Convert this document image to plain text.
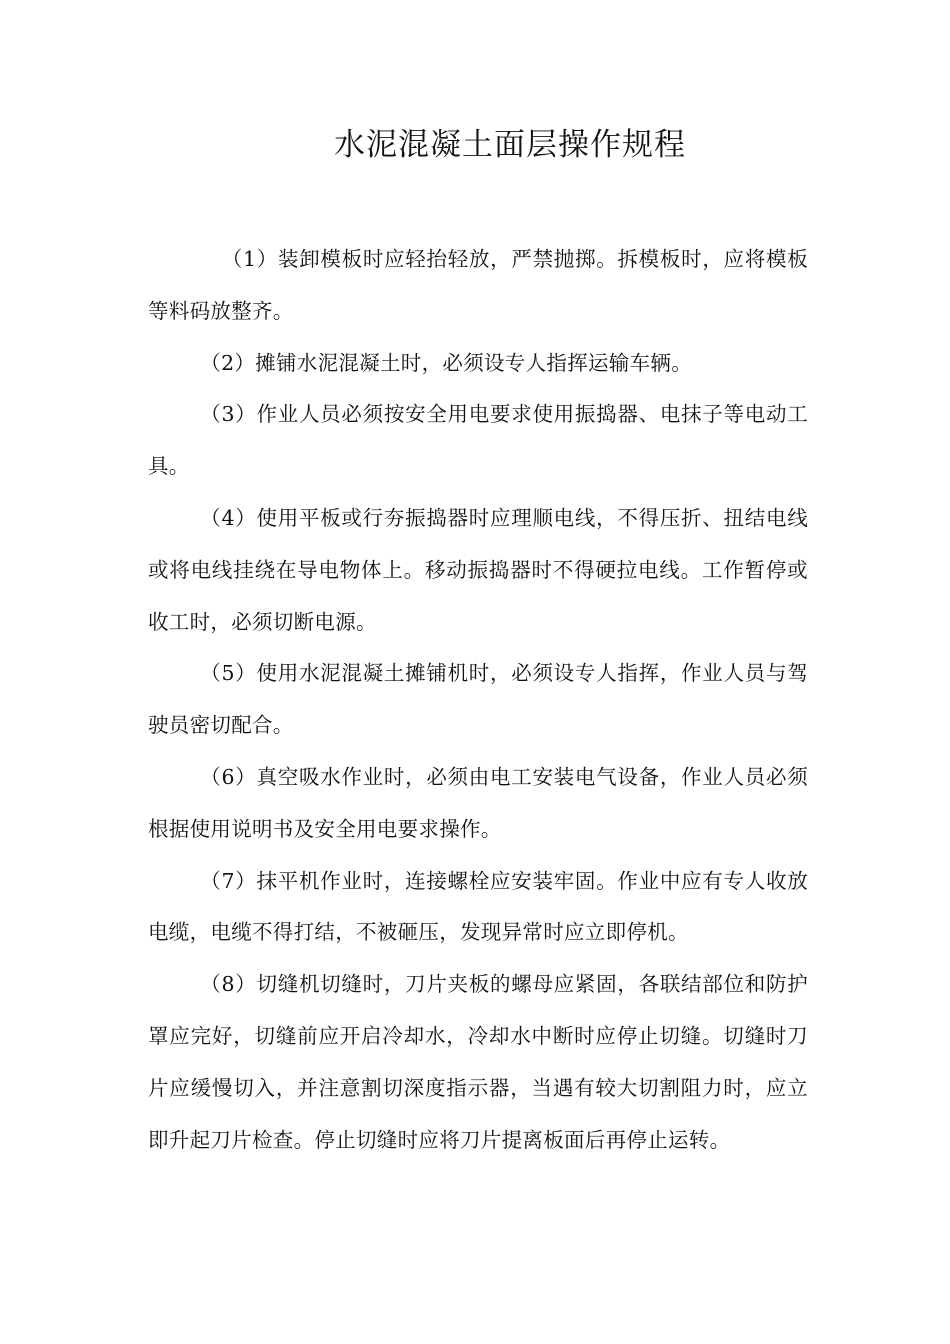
水泥混凝土面层操作规程

（1）装卸模板时应轻抬轻放，严禁抛掷。拆模板时，应将模板等料码放整齐。

（2）摊铺水泥混凝土时，必须设专人指挥运输车辆。

（3）作业人员必须按安全用电要求使用振捣器、电抹子等电动工具。

（4）使用平板或行夯振捣器时应理顺电线，不得压折、扭结电线或将电线挂绕在导电物体上。移动振捣器时不得硬拉电线。工作暂停或收工时，必须切断电源。

（5）使用水泥混凝土摊铺机时，必须设专人指挥，作业人员与驾驶员密切配合。

（6）真空吸水作业时，必须由电工安装电气设备，作业人员必须根据使用说明书及安全用电要求操作。

（7）抹平机作业时，连接螺栓应安装牢固。作业中应有专人收放电缆，电缆不得打结，不被砸压，发现异常时应立即停机。

（8）切缝机切缝时，刀片夹板的螺母应紧固，各联结部位和防护罩应完好，切缝前应开启冷却水，冷却水中断时应停止切缝。切缝时刀片应缓慢切入，并注意割切深度指示器，当遇有较大切割阻力时，应立即升起刀片检查。停止切缝时应将刀片提离板面后再停止运转。
